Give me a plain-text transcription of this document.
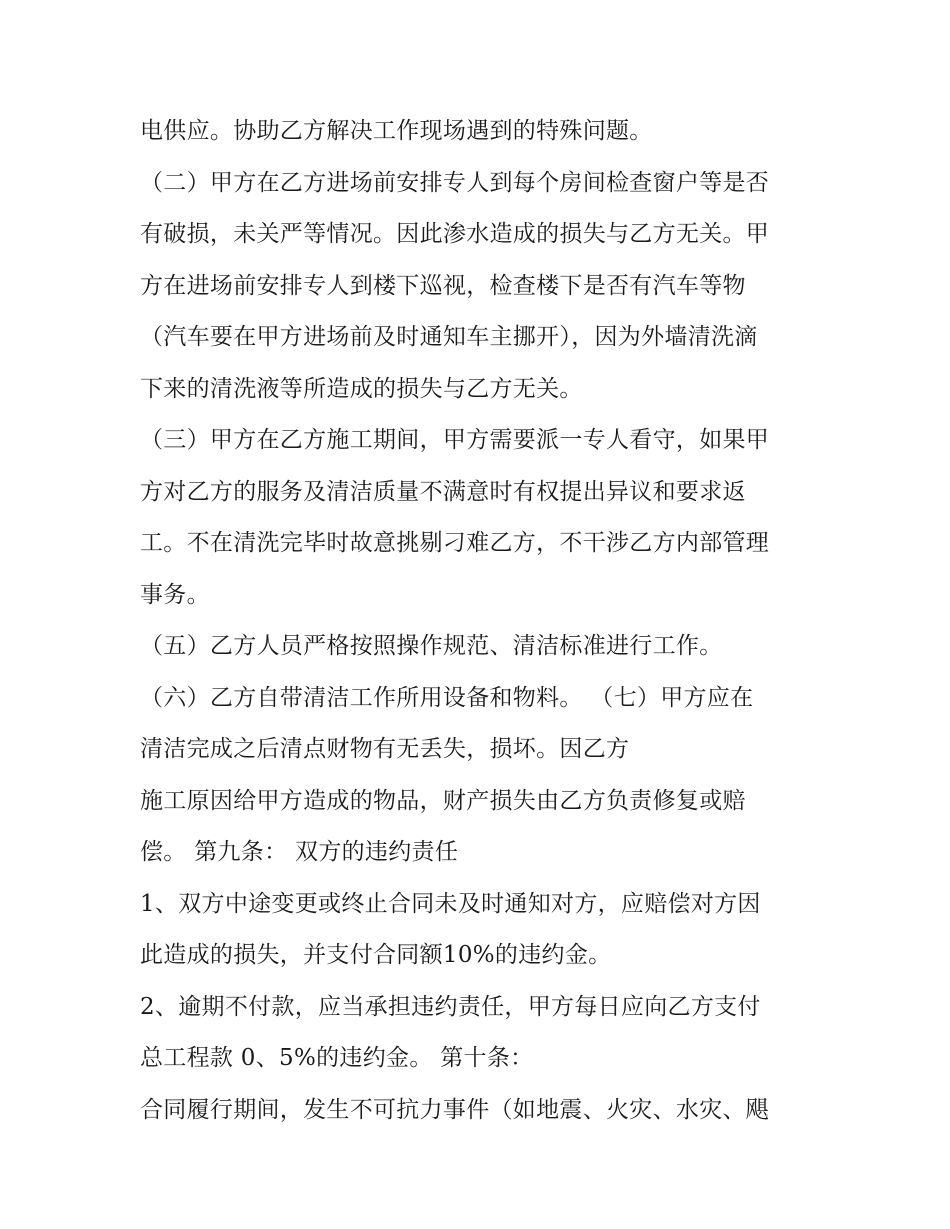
电供应。协助乙方解决工作现场遇到的特殊问题。
（二）甲方在乙方进场前安排专人到每个房间检查窗户等是否
有破损，未关严等情况。因此渗水造成的损失与乙方无关。甲
方在进场前安排专人到楼下巡视，检查楼下是否有汽车等物
（汽车要在甲方进场前及时通知车主挪开），因为外墙清洗滴
下来的清洗液等所造成的损失与乙方无关。
（三）甲方在乙方施工期间，甲方需要派一专人看守，如果甲
方对乙方的服务及清洁质量不满意时有权提出异议和要求返
工。不在清洗完毕时故意挑剔刁难乙方，不干涉乙方内部管理
事务。
（五）乙方人员严格按照操作规范、清洁标准进行工作。
（六）乙方自带清洁工作所用设备和物料。 （七）甲方应在
清洁完成之后清点财物有无丢失，损坏。因乙方
施工原因给甲方造成的物品，财产损失由乙方负责修复或赔
偿。 第九条： 双方的违约责任
1、双方中途变更或终止合同未及时通知对方，应赔偿对方因
此造成的损失，并支付合同额10%的违约金。
2、逾期不付款，应当承担违约责任，甲方每日应向乙方支付
总工程款 0、5%的违约金。 第十条：
合同履行期间，发生不可抗力事件（如地震、火灾、水灾、飓
